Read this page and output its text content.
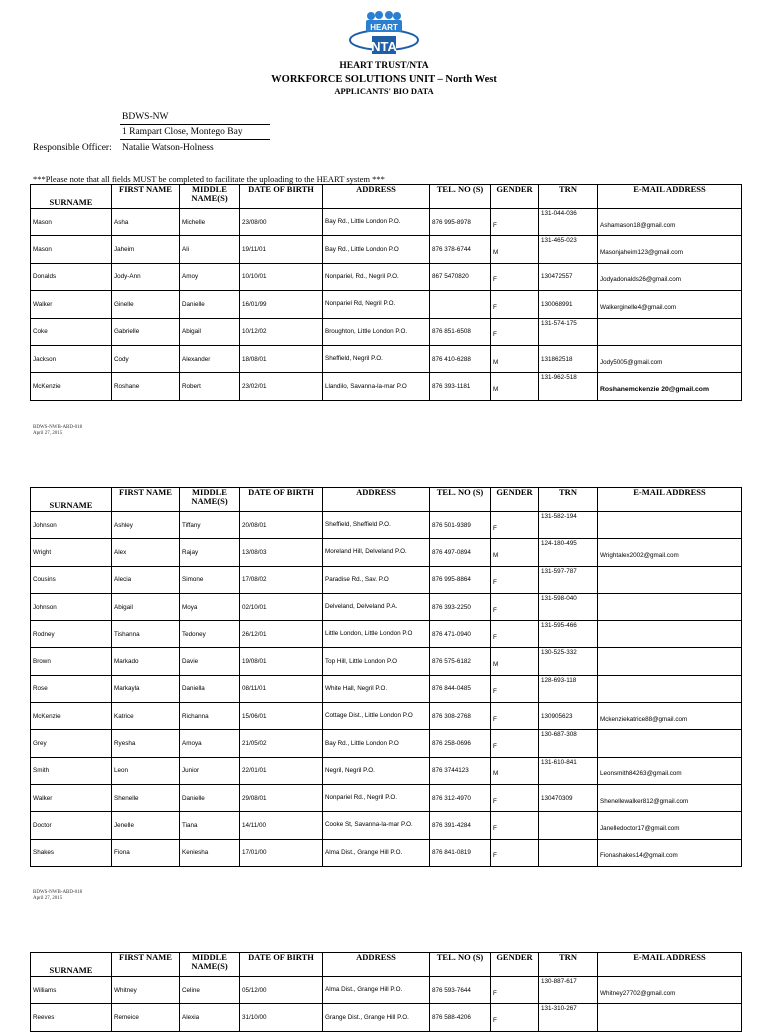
HEART
NTA
HEART TRUST/NTA
WORKFORCE SOLUTIONS UNIT – North West
APPLICANTS' BIO DATA
BDWS-NW
1 Rampart Close, Montego Bay
Responsible Officer: Natalie Watson-Holness
***Please note that all fields MUST be completed to facilitate the uploading to the HEART system ***
SURNAME	FIRST NAME	MIDDLE NAME(S)	DATE OF BIRTH	ADDRESS	TEL. NO (S)	GENDER	TRN	E-MAIL ADDRESS
Mason	Asha	Michelle	23/08/00	Bay Rd., Little London P.O.	876 995-8978	F	131-044-036	Ashamason18@gmail.com
Mason	Jaheim	Ali	19/11/01	Bay Rd., Little London P.O	876 378-6744	M	131-465-023	Masonjaheim123@gmail.com
Donalds	Jody-Ann	Amoy	10/10/01	Nonpariel, Rd., Negril P.O.	867 5470820	F	130472557	Jodyadonalds26@gmail.com
Walker	Ginelle	Danielle	16/01/99	Nonpariel Rd, Negril P.O.		F	130068991	Walkerginelle4@gmail.com
Coke	Gabrielle	Abigail	10/12/02	Broughton, Little London P.O.	876 851-6508	F	131-574-175	

Jackson	Cody	Alexander	18/08/01	Sheffield, Negril P.O.	876 410-6288	M	131862518	Jody5005@gmail.com
McKenzie	Roshane	Robert	23/02/01	Llandilo, Savanna-la-mar P.O	876 393-1181	M	131-962-518	Roshanemckenzie 20@gmail.com
BDWS-NWB-ABD-018
April 27, 2015
SURNAME	FIRST NAME	MIDDLE NAME(S)	DATE OF BIRTH	ADDRESS	TEL. NO (S)	GENDER	TRN	E-MAIL ADDRESS
Johnson	Ashley	Tiffany	20/08/01	Sheffield, Sheffield P.O.	876 501-9389	F	131-582-194	

Wright	Alex	Rajay	13/08/03	Moreland Hill, Delveland P.O.	876 497-0894	M	124-180-495	Wrightalex2002@gmail.com
Cousins	Alecia	Simone	17/08/02	Paradise Rd., Sav. P.O	876 995-8864	F	131-597-787	

Johnson	Abigail	Moya	02/10/01	Delveland, Delveland P.A.	876 393-2250	F	131-598-040	

Rodney	Tishanna	Tedoney	26/12/01	Little London, Little London P.O	876 471-0940	F	131-595-466	

Brown	Markado	Davie	19/08/01	Top Hill, Little London P.O	876 575-6182	M	130-525-332	

Rose	Markayla	Daniella	08/11/01	White Hall, Negril P.O.	876 844-0485	F	128-693-118	

McKenzie	Katrice	Richanna	15/06/01	Cottage Dist., Little London P.O	876 308-2768	F	130905623	Mckenziekatrice88@gmail.com
Grey	Ryesha	Amoya	21/05/02	Bay Rd., Little London P.O	876 258-0696	F	130-687-308	

Smith	Leon	Junior	22/01/01	Negril, Negril P.O.	876 3744123	M	131-610-841	Leonsmith84263@gmail.com
Walker	Shenelle	Danielle	29/08/01	Nonpariel Rd., Negril P.O.	876 312-4970	F	130470309	Shenellewalker812@gmail.com
Doctor	Jenelle	Tiana	14/11/00	Cooke St, Savanna-la-mar P.O.	876 391-4284	F		Janelledoctor17@gmail.com
Shakes	Fiona	Keniesha	17/01/00	Alma Dist., Grange Hill P.O.	876 841-0819	F		Fionashakes14@gmail.com
BDWS-NWB-ABD-018
April 27, 2015
SURNAME	FIRST NAME	MIDDLE NAME(S)	DATE OF BIRTH	ADDRESS	TEL. NO (S)	GENDER	TRN	E-MAIL ADDRESS
Williams	Whitney	Celine	05/12/00	Alma Dist., Grange Hill P.O.	876 593-7644	F	130-887-617	Whitney27702@gmail.com
Reeves	Remeice	Alexia	31/10/00	Grange Dist., Grange Hill P.O.	876 588-4206	F	131-310-267	
